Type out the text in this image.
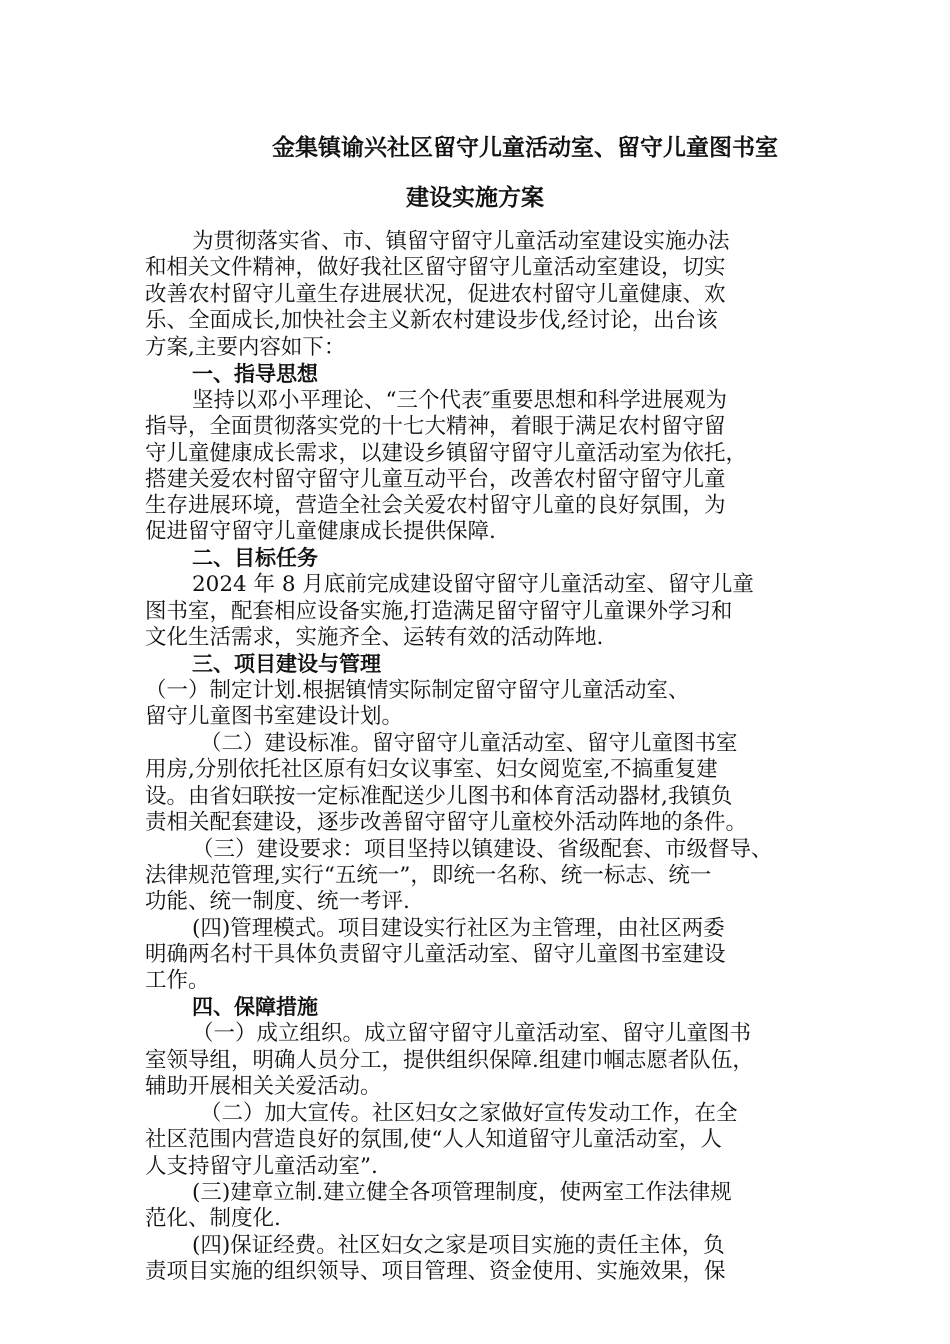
金集镇谕兴社区留守儿童活动室、留守儿童图书室
建设实施方案
为贯彻落实省、市、镇留守留守儿童活动室建设实施办法
和相关文件精神，做好我社区留守留守儿童活动室建设，切实
改善农村留守儿童生存进展状况，促进农村留守儿童健康、欢
乐、全面成长,加快社会主义新农村建设步伐,经讨论，出台该
方案,主要内容如下：
一、指导思想
坚持以邓小平理论、“三个代表″重要思想和科学进展观为
指导，全面贯彻落实党的十七大精神，着眼于满足农村留守留
守儿童健康成长需求，以建设乡镇留守留守儿童活动室为依托，
搭建关爱农村留守留守儿童互动平台，改善农村留守留守儿童
生存进展环境，营造全社会关爱农村留守儿童的良好氛围，为
促进留守留守儿童健康成长提供保障.
二、目标任务
2024 年 8 月底前完成建设留守留守儿童活动室、留守儿童
图书室，配套相应设备实施,打造满足留守留守儿童课外学习和
文化生活需求，实施齐全、运转有效的活动阵地.
三、项目建设与管理
（一）制定计划.根据镇情实际制定留守留守儿童活动室、
留守儿童图书室建设计划。
（二）建设标准。留守留守儿童活动室、留守儿童图书室
用房,分别依托社区原有妇女议事室、妇女阅览室,不搞重复建
设。由省妇联按一定标准配送少儿图书和体育活动器材,我镇负
责相关配套建设，逐步改善留守留守儿童校外活动阵地的条件。
（三）建设要求：项目坚持以镇建设、省级配套、市级督导、
法律规范管理,实行“五统一”，即统一名称、统一标志、统一
功能、统一制度、统一考评.
(四)管理模式。项目建设实行社区为主管理，由社区两委
明确两名村干具体负责留守儿童活动室、留守儿童图书室建设
工作。
四、保障措施
（一）成立组织。成立留守留守儿童活动室、留守儿童图书
室领导组，明确人员分工，提供组织保障.组建巾帼志愿者队伍，
辅助开展相关关爱活动。
（二）加大宣传。社区妇女之家做好宣传发动工作，在全
社区范围内营造良好的氛围,使“人人知道留守儿童活动室，人
人支持留守儿童活动室”.
(三)建章立制.建立健全各项管理制度，使两室工作法律规
范化、制度化.
(四)保证经费。社区妇女之家是项目实施的责任主体，负
责项目实施的组织领导、项目管理、资金使用、实施效果，保
